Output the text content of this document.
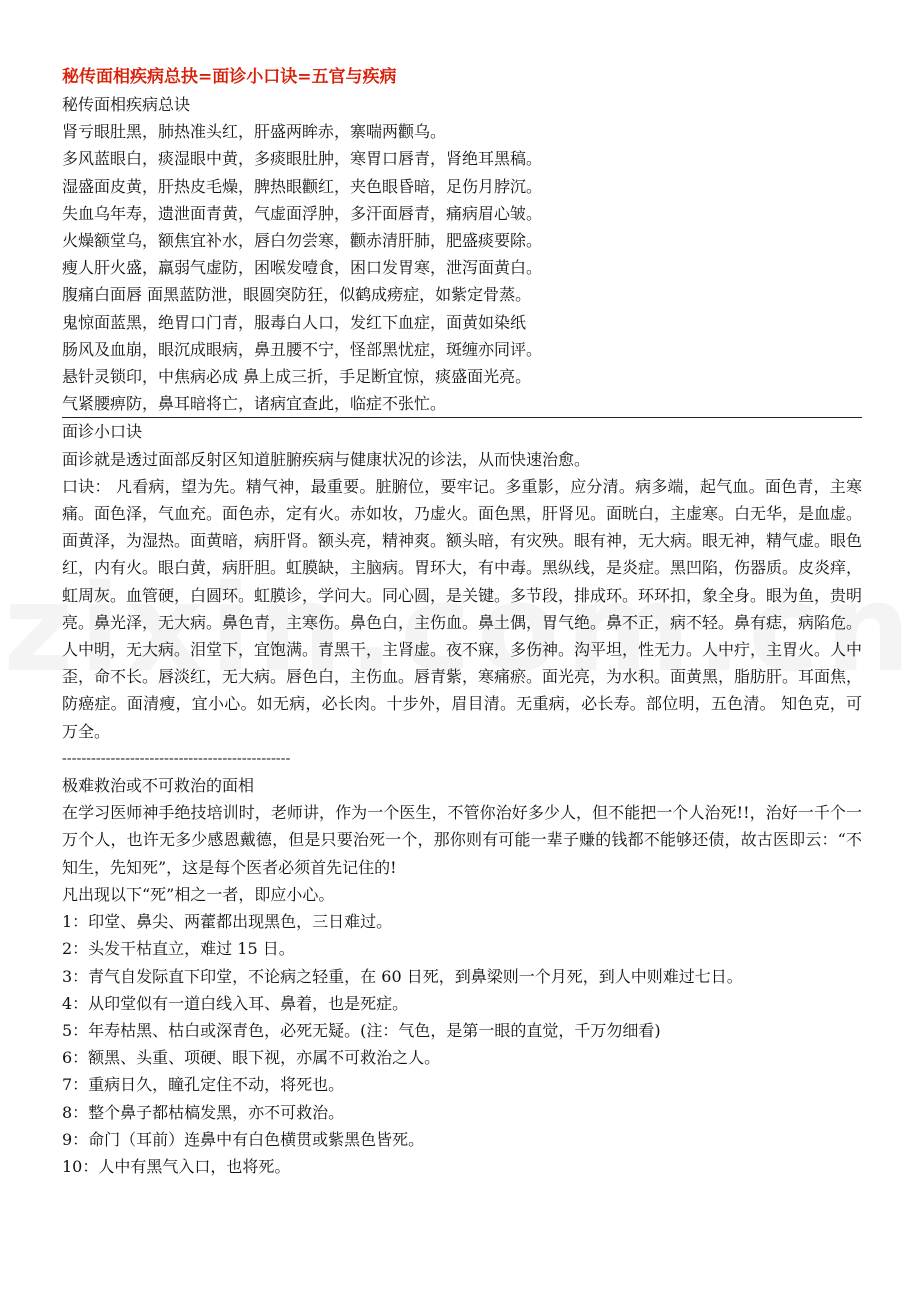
秘传面相疾病总抉=面诊小口诀=五官与疾病
秘传面相疾病总诀
肾亏眼肚黑，肺热准头红，肝盛两眸赤，寨喘两颧乌。
多风蓝眼白，痰湿眼中黄，多痰眼肚肿，寒胃口唇青，肾绝耳黑稿。
湿盛面皮黄，肝热皮毛燥，脾热眼颧红，夹色眼昏暗，足伤月脖沉。
失血乌年寿，遗泄面青黄，气虚面浮肿，多汗面唇青，痛病眉心皱。
火燥额堂乌，额焦宜补水，唇白勿尝寒，颧赤清肝肺，肥盛痰要除。
瘦人肝火盛，羸弱气虚防，困喉发噎食，困口发胃寒，泄泻面黄白。
腹痛白面唇 面黑蓝防泄，眼圆突防狂，似鹤成痨症，如紫定骨蒸。
鬼惊面蓝黑，绝胃口门青，服毒白人口，发红下血症，面黄如染纸
肠风及血崩，眼沉成眼病，鼻丑腰不宁，怪部黑忧症，斑缠亦同评。
悬针灵锁印，中焦病必成 鼻上成三折，手足断宜惊，痰盛面光亮。
气紧腰痹防，鼻耳暗将亡，诸病宜查此，临症不张忙。
面诊小口诀
面诊就是透过面部反射区知道脏腑疾病与健康状况的诊法，从而快速治愈。
口诀： 凡看病，望为先。精气神，最重要。脏腑位，要牢记。多重影，应分清。病多端，起气血。面色青，主寒痛。面色泽，气血充。面色赤，定有火。赤如妆，乃虚火。面色黑，肝肾见。面晄白，主虚寒。白无华，是血虚。面黄泽，为湿热。面黄暗，病肝肾。额头亮，精神爽。额头暗，有灾殃。眼有神，无大病。眼无神，精气虚。眼色红，内有火。眼白黄，病肝胆。虹膜缺，主脑病。胃环大，有中毒。黑纵线，是炎症。黑凹陷，伤器质。皮炎痒，虹周灰。血管硬，白圆环。虹膜诊，学问大。同心圆，是关键。多节段，排成环。环环扣，象全身。眼为鱼，贵明亮。鼻光泽，无大病。鼻色青，主寒伤。鼻色白，主伤血。鼻土偶，胃气绝。鼻不正，病不轻。鼻有痣，病陷危。人中明，无大病。泪堂下，宜饱满。青黑干，主肾虚。夜不寐，多伤神。沟平坦，性无力。人中疔，主胃火。人中歪，命不长。唇淡红，无大病。唇色白，主伤血。唇青紫，寒痛瘀。面光亮，为水积。面黄黑，脂肪肝。耳面焦，防癌症。面清瘦，宜小心。如无病，必长肉。十步外，眉目清。无重病，必长寿。部位明，五色清。 知色克，可万全。
-----------------------------------------------
极难救治或不可救治的面相
在学习医师神手绝技培训时，老师讲，作为一个医生，不管你治好多少人，但不能把一个人治死!!，治好一千个一万个人，也许无多少感恩戴德，但是只要治死一个，那你则有可能一辈子赚的钱都不能够还债，故古医即云：“不知生，先知死”，这是每个医者必须首先记住的!
凡出现以下“死”相之一者，即应小心。
1：印堂、鼻尖、两藿都出现黑色，三日难过。
2：头发干枯直立，难过 15 日。
3：青气自发际直下印堂，不论病之轻重，在 60 日死，到鼻梁则一个月死，到人中则难过七日。
4：从印堂似有一道白线入耳、鼻着，也是死症。
5：年寿枯黑、枯白或深青色，必死无疑。(注：气色，是第一眼的直觉，千万勿细看)
6：额黑、头重、项硬、眼下视，亦属不可救治之人。
7：重病日久，瞳孔定住不动，将死也。
8：整个鼻子都枯槁发黑，亦不可救治。
9：命门（耳前）连鼻中有白色横贯或紫黑色皆死。
10：人中有黑气入口，也将死。
